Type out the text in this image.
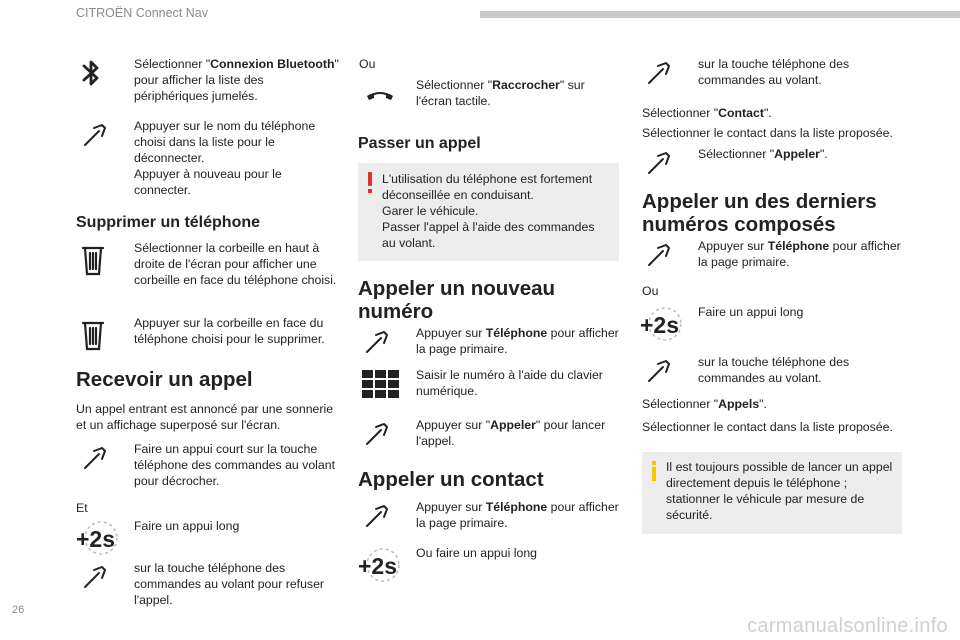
CITROËN Connect Nav
Sélectionner "Connexion Bluetooth" pour afficher la liste des périphériques jumelés.
Appuyer sur le nom du téléphone choisi dans la liste pour le déconnecter.
Appuyer à nouveau pour le connecter.
Supprimer un téléphone
Sélectionner la corbeille en haut à droite de l'écran pour afficher une corbeille en face du téléphone choisi.
Appuyer sur la corbeille en face du téléphone choisi pour le supprimer.
Recevoir un appel
Un appel entrant est annoncé par une sonnerie et un affichage superposé sur l'écran.
Faire un appui court sur la touche téléphone des commandes au volant pour décrocher.
Et
+2s	Faire un appui long
sur la touche téléphone des commandes au volant pour refuser l'appel.
Ou
Sélectionner "Raccrocher" sur l'écran tactile.
Passer un appel
L'utilisation du téléphone est fortement déconseillée en conduisant.
Garer le véhicule.
Passer l'appel à l'aide des commandes au volant.
Appeler un nouveau numéro
Appuyer sur Téléphone pour afficher la page primaire.
Saisir le numéro à l'aide du clavier numérique.
Appuyer sur "Appeler" pour lancer l'appel.
Appeler un contact
Appuyer sur Téléphone pour afficher la page primaire.
+2s	Ou faire un appui long
sur la touche téléphone des commandes au volant.
Sélectionner "Contact".
Sélectionner le contact dans la liste proposée.
Sélectionner "Appeler".
Appeler un des derniers numéros composés
Appuyer sur Téléphone pour afficher la page primaire.
Ou
+2s	Faire un appui long
sur la touche téléphone des commandes au volant.
Sélectionner "Appels".
Sélectionner le contact dans la liste proposée.
Il est toujours possible de lancer un appel directement depuis le téléphone ; stationner le véhicule par mesure de sécurité.
26
carmanualsonline.info
